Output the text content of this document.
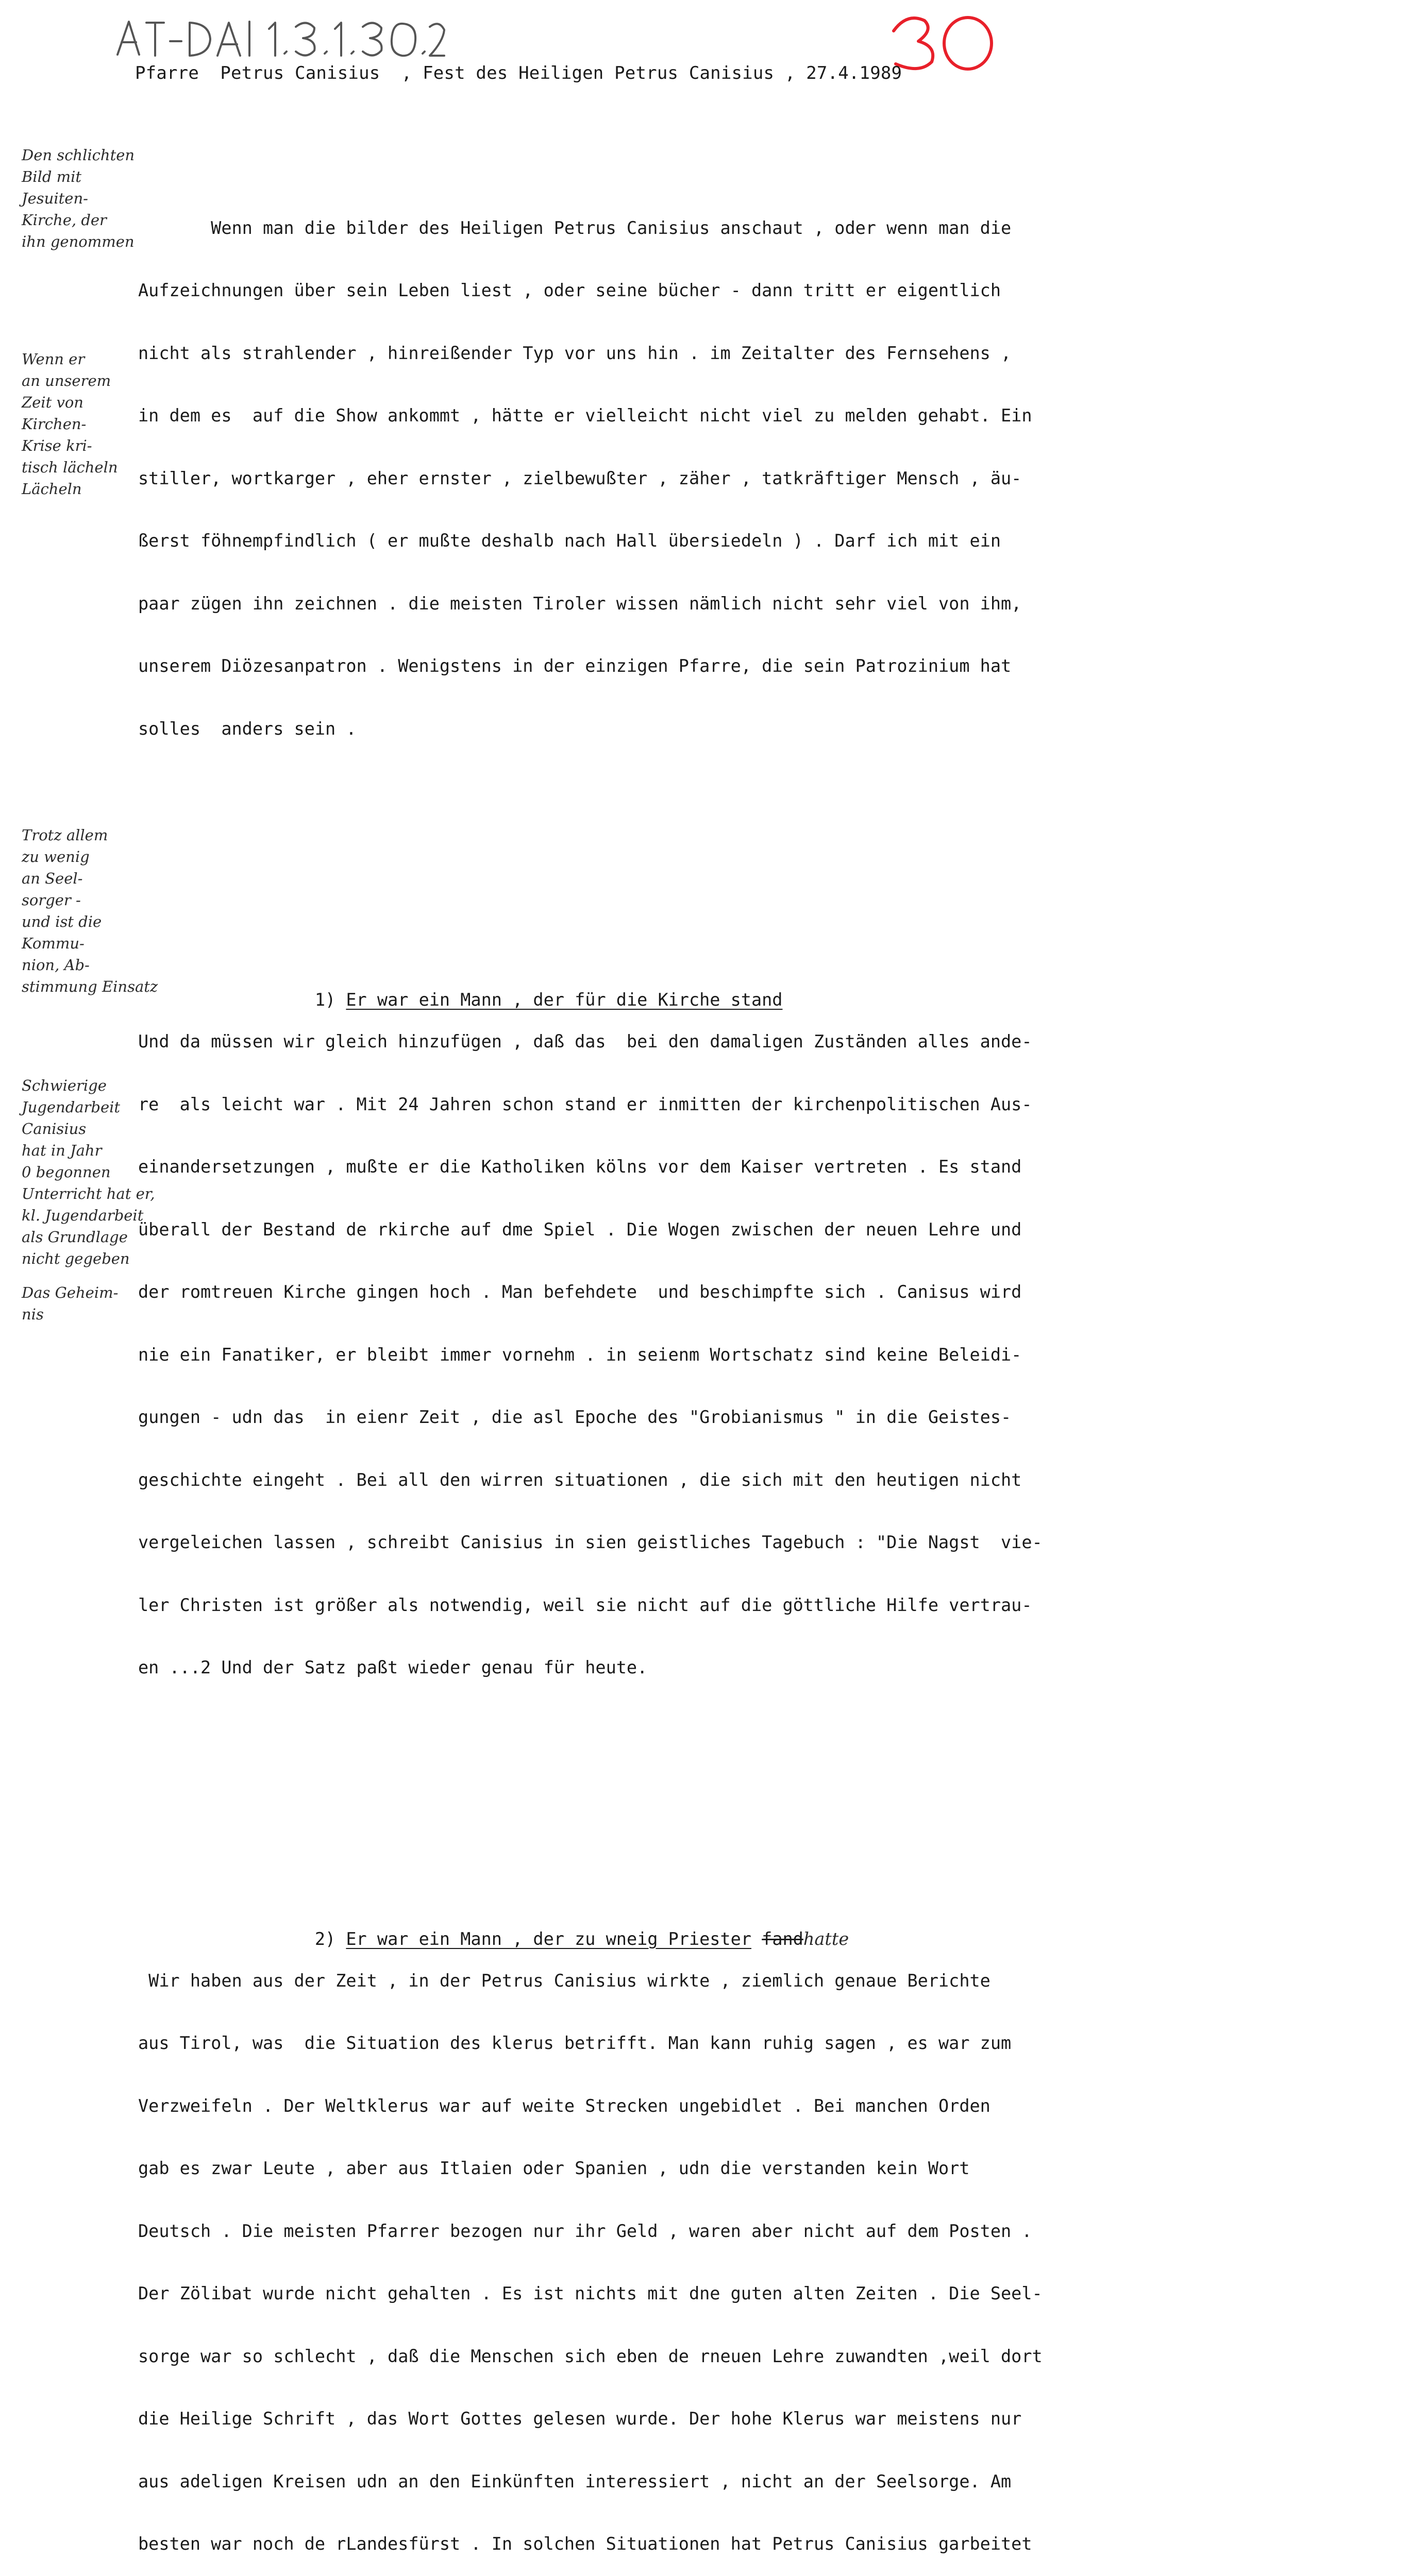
Pfarre  Petrus Canisius  , Fest des Heiligen Petrus Canisius , 27.4.1989
Den schlichten
Bild mit
Jesuiten-
Kirche, der
ihn genommen
Wenn er
an unserem
Zeit von
Kirchen-
Krise kri-
tisch lächeln
Lächeln
Trotz allem
zu wenig
an Seel-
sorger -
und ist die
Kommu-
nion, Ab-
stimmung Einsatz
Schwierige
Jugendarbeit
Canisius
hat in Jahr
0 begonnen
Unterricht hat er,
kl. Jugendarbeit
als Grundlage
nicht gegeben
Das Geheim-
nis

Wenn man die bilder des Heiligen Petrus Canisius anschaut , oder wenn man die

Aufzeichnungen über sein Leben liest , oder seine bücher - dann tritt er eigentlich

nicht als strahlender , hinreißender Typ vor uns hin . im Zeitalter des Fernsehens ,

in dem es  auf die Show ankommt , hätte er vielleicht nicht viel zu melden gehabt. Ein

stiller, wortkarger , eher ernster , zielbewußter , zäher , tatkräftiger Mensch , äu-

ßerst föhnempfindlich ( er mußte deshalb nach Hall übersiedeln ) . Darf ich mit ein

paar zügen ihn zeichnen . die meisten Tiroler wissen nämlich nicht sehr viel von ihm,

unserem Diözesanpatron . Wenigstens in der einzigen Pfarre, die sein Patrozinium hat

solles  anders sein .

1) Er war ein Mann , der für die Kirche stand

Und da müssen wir gleich hinzufügen , daß das  bei den damaligen Zuständen alles ande-

re  als leicht war . Mit 24 Jahren schon stand er inmitten der kirchenpolitischen Aus-

einandersetzungen , mußte er die Katholiken kölns vor dem Kaiser vertreten . Es stand

überall der Bestand de rkirche auf dme Spiel . Die Wogen zwischen der neuen Lehre und

der romtreuen Kirche gingen hoch . Man befehdete  und beschimpfte sich . Canisus wird

nie ein Fanatiker, er bleibt immer vornehm . in seienm Wortschatz sind keine Beleidi-

gungen - udn das  in eienr Zeit , die asl Epoche des "Grobianismus " in die Geistes-

geschichte eingeht . Bei all den wirren situationen , die sich mit den heutigen nicht

vergeleichen lassen , schreibt Canisius in sien geistliches Tagebuch : "Die Nagst  vie-

ler Christen ist größer als notwendig, weil sie nicht auf die göttliche Hilfe vertrau-

en ...2 Und der Satz paßt wieder genau für heute.

2) Er war ein Mann , der zu wneig Priester fandhatte

Wir haben aus der Zeit , in der Petrus Canisius wirkte , ziemlich genaue Berichte

aus Tirol, was  die Situation des klerus betrifft. Man kann ruhig sagen , es war zum

Verzweifeln . Der Weltklerus war auf weite Strecken ungebidlet . Bei manchen Orden

gab es zwar Leute , aber aus Itlaien oder Spanien , udn die verstanden kein Wort

Deutsch . Die meisten Pfarrer bezogen nur ihr Geld , waren aber nicht auf dem Posten .

Der Zölibat wurde nicht gehalten . Es ist nichts mit dne guten alten Zeiten . Die Seel-

sorge war so schlecht , daß die Menschen sich eben de rneuen Lehre zuwandten ,weil dort

die Heilige Schrift , das Wort Gottes gelesen wurde. Der hohe Klerus war meistens nur

aus adeligen Kreisen udn an den Einkünften interessiert , nicht an der Seelsorge. Am

besten war noch de rLandesfürst . In solchen Situationen hat Petrus Canisius garbeitet
